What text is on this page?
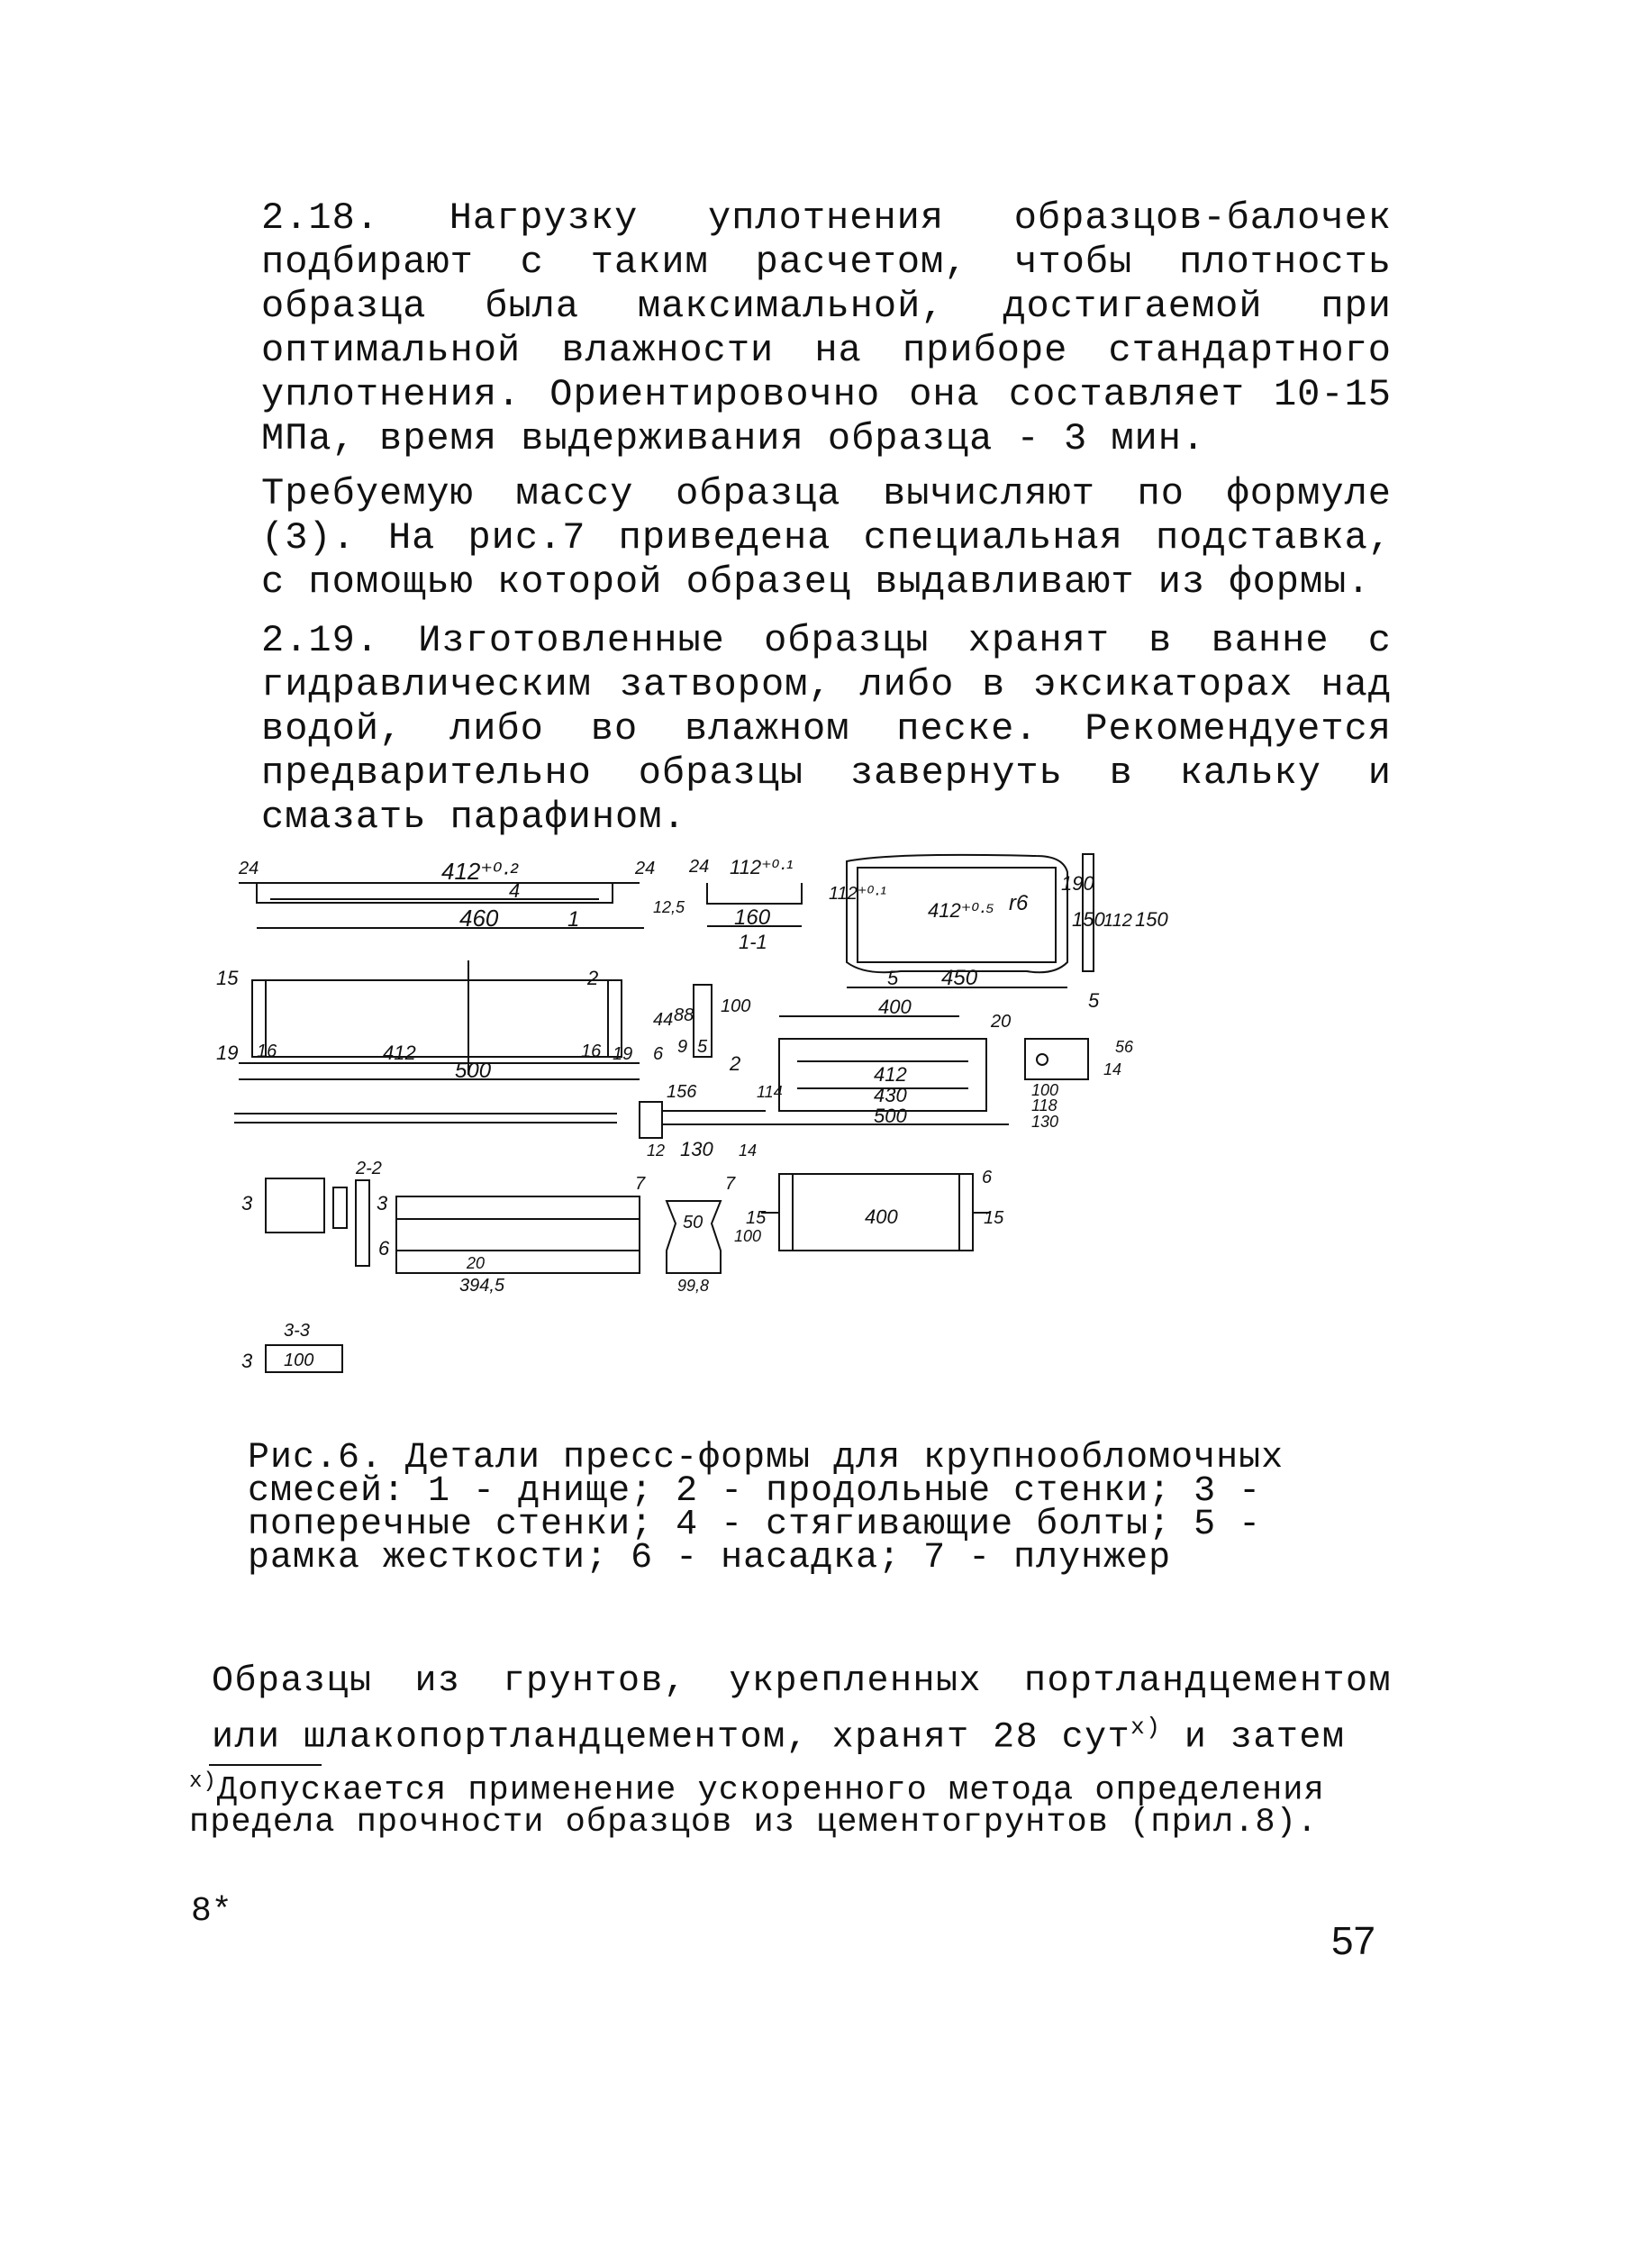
2.18. Нагрузку уплотнения образцов-балочек подбирают с таким расчетом, чтобы плотность образца была максимальной, достигаемой при оптимальной влажности на приборе стандартного уплотнения. Ориентировочно она составляет 10-15 МПа, время выдерживания образца - 3 мин.

Требуемую массу образца вычисляют по формуле (3). На рис.7 приведена специальная подставка, с помощью которой образец выдавливают из формы.

2.19. Изготовленные образцы хранят в ванне с гидравлическим затвором, либо в эксикаторах над водой, либо во влажном песке. Рекомендуется предварительно образцы завернуть в кальку и смазать парафином.

412⁺⁰·²
24	24
4
460	1	12,5
24 112⁺⁰·¹
160
1-1
112⁺⁰·¹
412⁺⁰·⁵ r6
150
190
112 150
450
5
5
15
16	16
412
500
19	19
2
44
6
88 100
9 5
2
400
20
412
430
500
100
118
130
14
56
156	114
12 130 14
2-2
3	3
6
394,5
20
7	7
50
100
99,8
15	400
6
15
3-3
100
3

Рис.6. Детали пресс-формы для крупнообломочных смесей: 1 - днище; 2 - продольные стенки; 3 - поперечные стенки; 4 - стягивающие болты; 5 - рамка жесткости; 6 - насадка; 7 - плунжер

Образцы из грунтов, укрепленных портландцементом или шлакопортландцементом, хранят 28 сут$^{х)}$ и затем

$^{х)}$Допускается применение ускоренного метода определения предела прочности образцов из цементогрунтов (прил.8).

8*
57
